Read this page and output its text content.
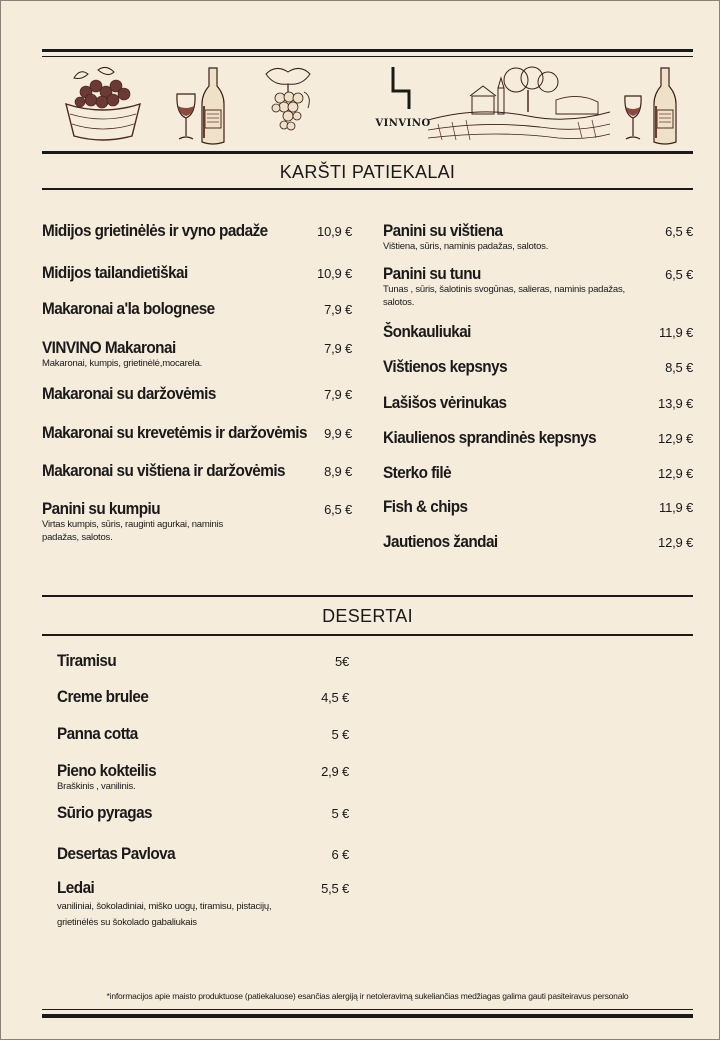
VINVINO
KARŠTI PATIEKALAI
Midijos grietinėlės ir vyno padaže	10,9 €
Midijos tailandietiškai	10,9 €
Makaronai a'la bolognese	7,9 €
VINVINO Makaronai	7,9 €
Makaronai, kumpis, grietinėlė,mocarela.
Makaronai su daržovėmis	7,9 €
Makaronai su krevetėmis ir daržovėmis 9,9 €
Makaronai su vištiena ir daržovėmis	8,9 €
Panini su kumpiu	6,5 €
Virtas kumpis, sūris, rauginti agurkai, naminis padažas, salotos.
Panini su vištiena	6,5 €
Vištiena, sūris, naminis padažas, salotos.
Panini su tunu	6,5 €
Tunas , sūris, šalotinis svogūnas, salieras, naminis padažas, salotos.
Šonkauliukai	11,9 €
Vištienos kepsnys	8,5 €
Lašišos vėrinukas	13,9 €
Kiaulienos sprandinės kepsnys	12,9 €
Sterko filė	12,9 €
Fish & chips	11,9 €
Jautienos žandai	12,9 €
DESERTAI
Tiramisu	5€
Creme brulee	4,5 €
Panna cotta	5 €
Pieno kokteilis	2,9 €
Braškinis , vanilinis.
Sūrio pyragas	5 €
Desertas Pavlova	6 €
Ledai	5,5 €
vaniliniai, šokoladiniai, miško uogų, tiramisu, pistacijų, grietinėlės su šokolado gabaliukais
*informacijos apie maisto produktuose (patiekaluose) esančias alergiją ir netoleravimą sukeliančias medžiagas galima gauti pasiteiravus personalo
